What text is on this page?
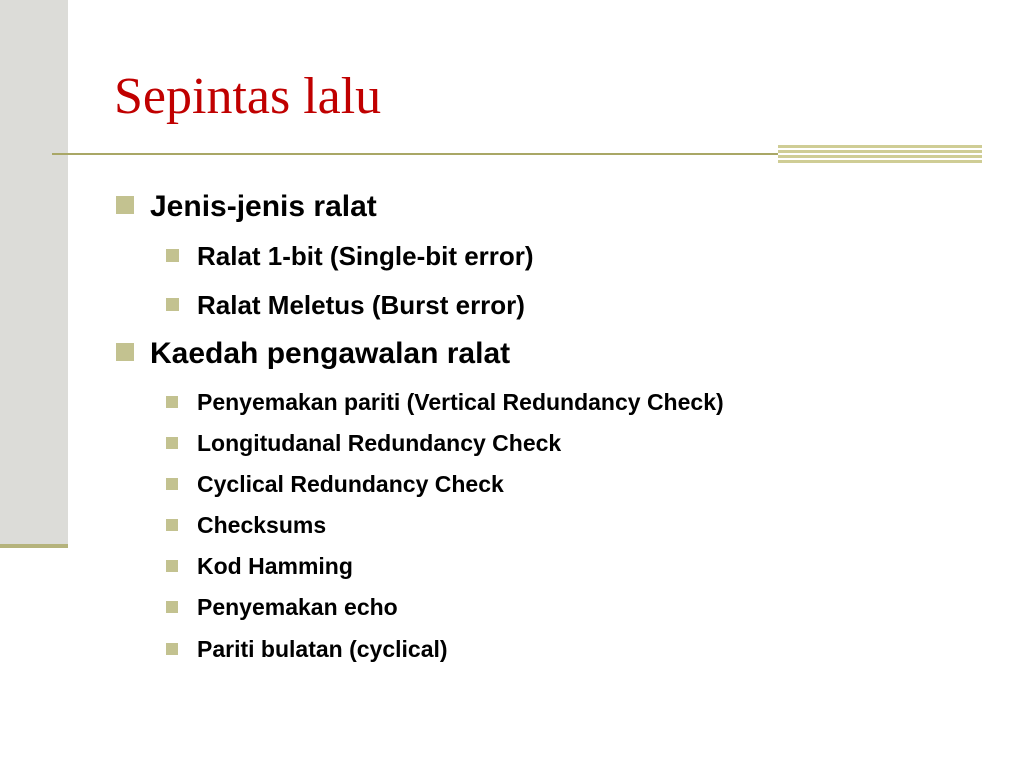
Sepintas lalu
Jenis-jenis ralat
Ralat 1-bit (Single-bit error)
Ralat Meletus (Burst error)
Kaedah pengawalan ralat
Penyemakan pariti (Vertical Redundancy Check)
Longitudanal Redundancy Check
Cyclical Redundancy Check
Checksums
Kod Hamming
Penyemakan echo
Pariti bulatan (cyclical)
